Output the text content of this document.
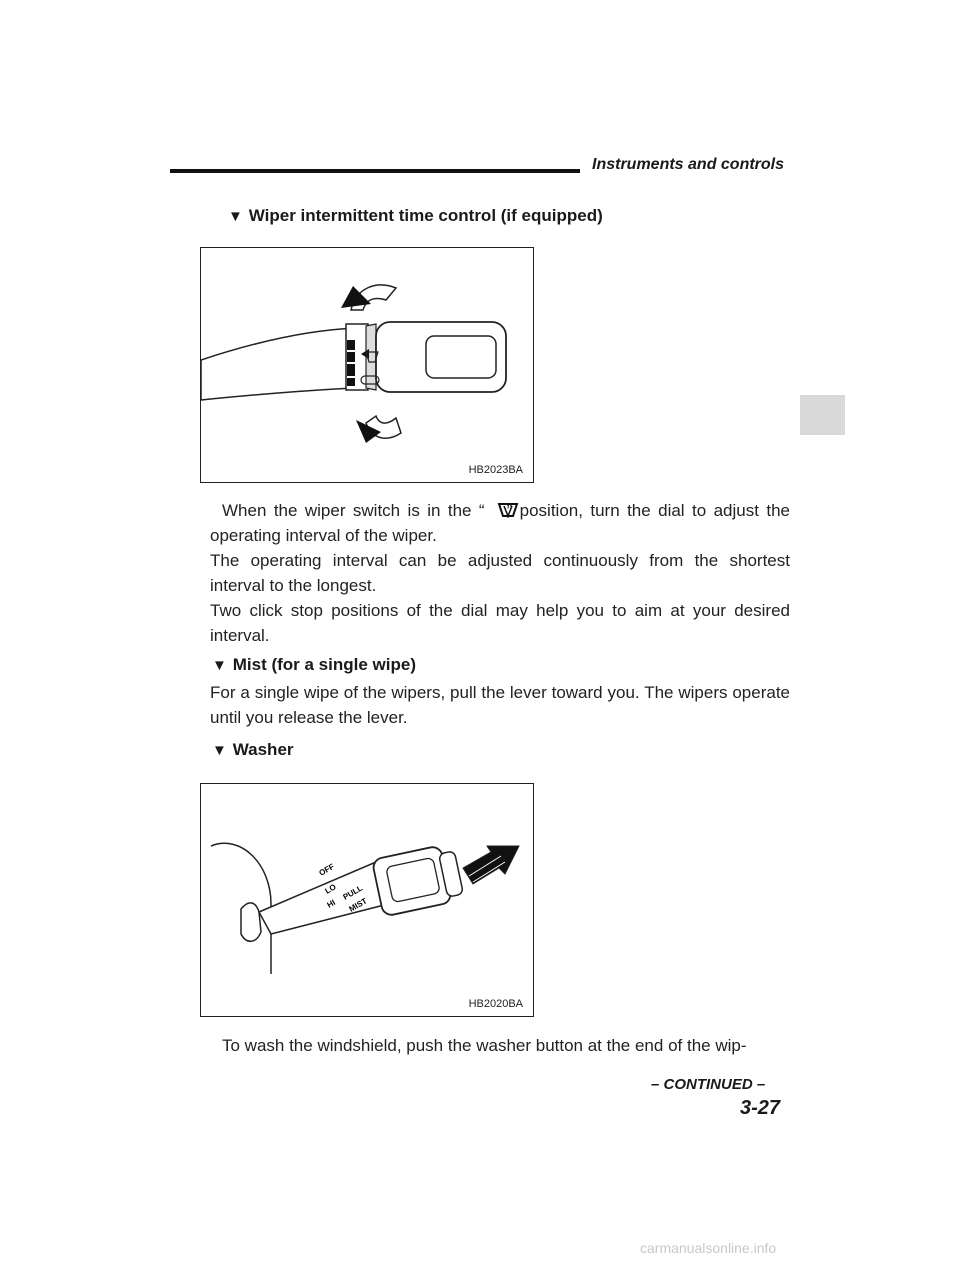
Instruments and controls
▼ Wiper intermittent time control (if equipped)
HB2023BA

When the wiper switch is in the “ ” position, turn the dial to adjust the operating interval of the wiper.

The operating interval can be adjusted continuously from the shortest interval to the longest.

Two click stop positions of the dial may help you to aim at your desired interval.

▼ Mist (for a single wipe)

For a single wipe of the wipers, pull the lever toward you. The wipers operate until you release the lever.

▼ Washer
OFF
LO
HI
PULL
MIST
HB2020BA

To wash the windshield, push the washer button at the end of the wip-

– CONTINUED –
3-27
carmanualsonline.info
